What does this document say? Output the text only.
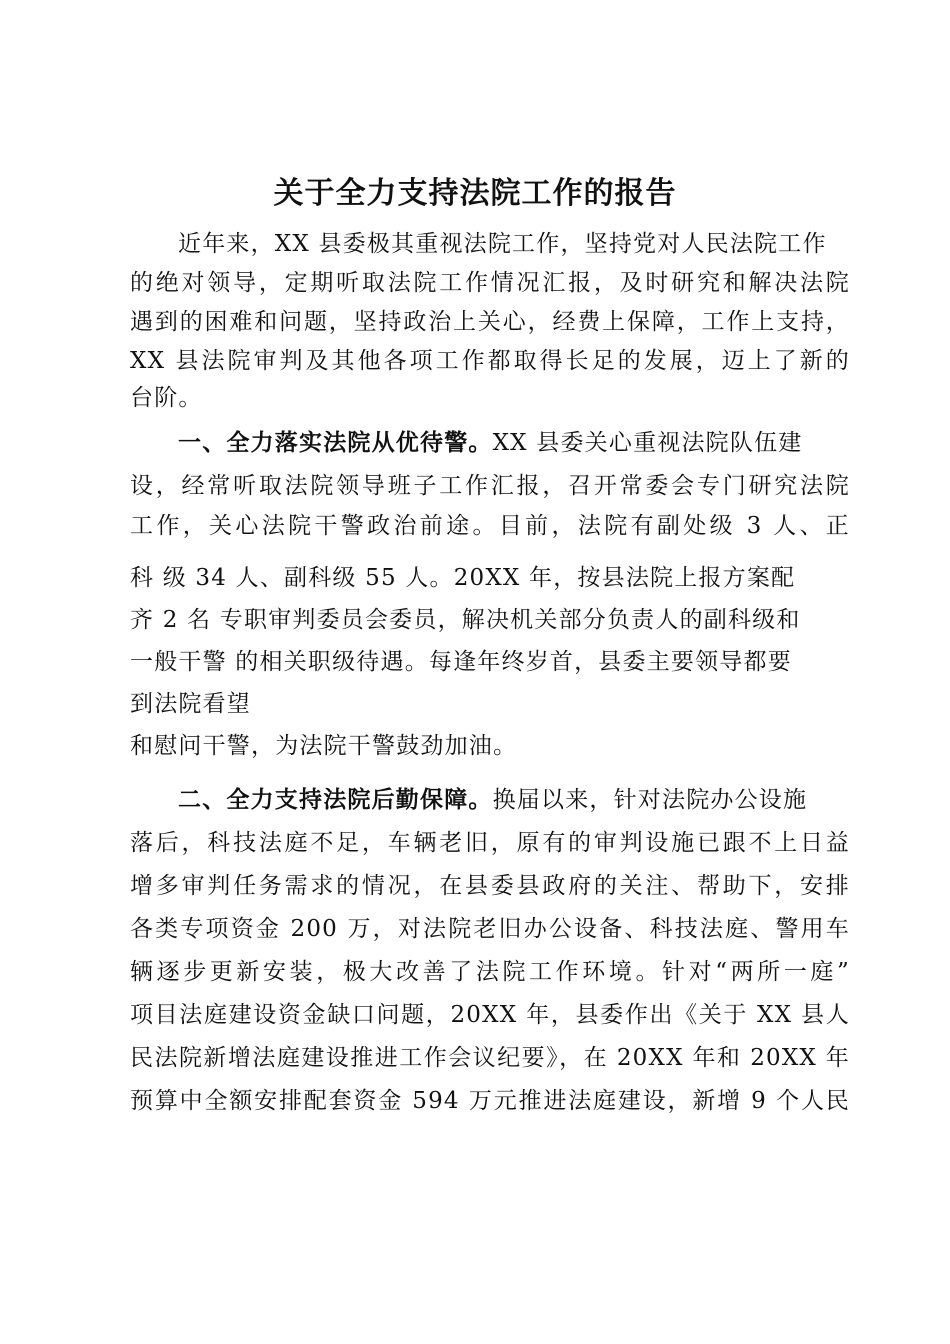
关于全力支持法院工作的报告
近年来，XX 县委极其重视法院工作，坚持党对人民法院工作
的绝对领导，定期听取法院工作情况汇报，及时研究和解决法院
遇到的困难和问题，坚持政治上关心，经费上保障，工作上支持，
XX 县法院审判及其他各项工作都取得长足的发展，迈上了新的
台阶。
一、全力落实法院从优待警。XX 县委关心重视法院队伍建
设，经常听取法院领导班子工作汇报，召开常委会专门研究法院
工作，关心法院干警政治前途。目前，法院有副处级 3 人、正
科 级 34 人、副科级 55 人。20XX 年，按县法院上报方案配
齐 2 名 专职审判委员会委员，解决机关部分负责人的副科级和
一般干警 的相关职级待遇。每逢年终岁首，县委主要领导都要
到法院看望
和慰问干警，为法院干警鼓劲加油。
二、全力支持法院后勤保障。换届以来，针对法院办公设施
落后，科技法庭不足，车辆老旧，原有的审判设施已跟不上日益
增多审判任务需求的情况，在县委县政府的关注、帮助下，安排
各类专项资金 200 万，对法院老旧办公设备、科技法庭、警用车
辆逐步更新安装，极大改善了法院工作环境。针对“两所一庭”
项目法庭建设资金缺口问题，20XX 年，县委作出《关于 XX 县人
民法院新增法庭建设推进工作会议纪要》，在 20XX 年和 20XX 年
预算中全额安排配套资金 594 万元推进法庭建设，新增 9 个人民
